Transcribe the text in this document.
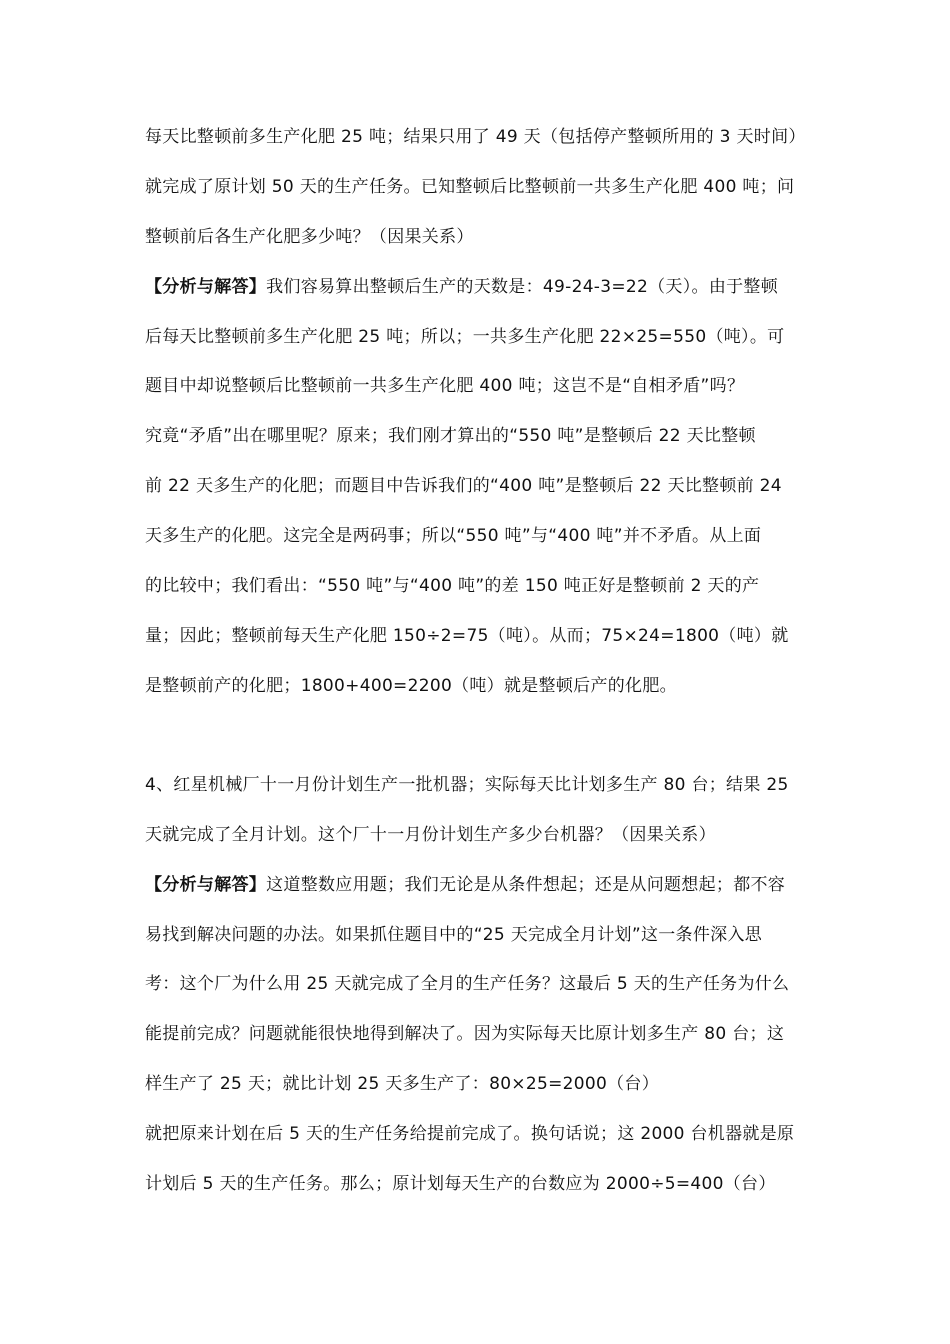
每天比整顿前多生产化肥 25 吨；结果只用了 49 天（包括停产整顿所用的 3 天时间）
就完成了原计划 50 天的生产任务。已知整顿后比整顿前一共多生产化肥 400 吨；问
整顿前后各生产化肥多少吨？（因果关系）
【分析与解答】我们容易算出整顿后生产的天数是：49-24-3=22（天）。由于整顿
后每天比整顿前多生产化肥 25 吨；所以；一共多生产化肥 22×25=550（吨）。可
题目中却说整顿后比整顿前一共多生产化肥 400 吨；这岂不是“自相矛盾”吗？
究竟“矛盾”出在哪里呢？原来；我们刚才算出的“550 吨”是整顿后 22 天比整顿
前 22 天多生产的化肥；而题目中告诉我们的“400 吨”是整顿后 22 天比整顿前 24
天多生产的化肥。这完全是两码事；所以“550 吨”与“400 吨”并不矛盾。从上面
的比较中；我们看出：“550 吨”与“400 吨”的差 150 吨正好是整顿前 2 天的产
量；因此；整顿前每天生产化肥 150÷2=75（吨）。从而；75×24=1800（吨）就
是整顿前产的化肥；1800+400=2200（吨）就是整顿后产的化肥。
4、红星机械厂十一月份计划生产一批机器；实际每天比计划多生产 80 台；结果 25
天就完成了全月计划。这个厂十一月份计划生产多少台机器？（因果关系）
【分析与解答】这道整数应用题；我们无论是从条件想起；还是从问题想起；都不容
易找到解决问题的办法。如果抓住题目中的“25 天完成全月计划”这一条件深入思
考：这个厂为什么用 25 天就完成了全月的生产任务？这最后 5 天的生产任务为什么
能提前完成？问题就能很快地得到解决了。因为实际每天比原计划多生产 80 台；这
样生产了 25 天；就比计划 25 天多生产了：80×25=2000（台）
就把原来计划在后 5 天的生产任务给提前完成了。换句话说；这 2000 台机器就是原
计划后 5 天的生产任务。那么；原计划每天生产的台数应为 2000÷5=400（台）
